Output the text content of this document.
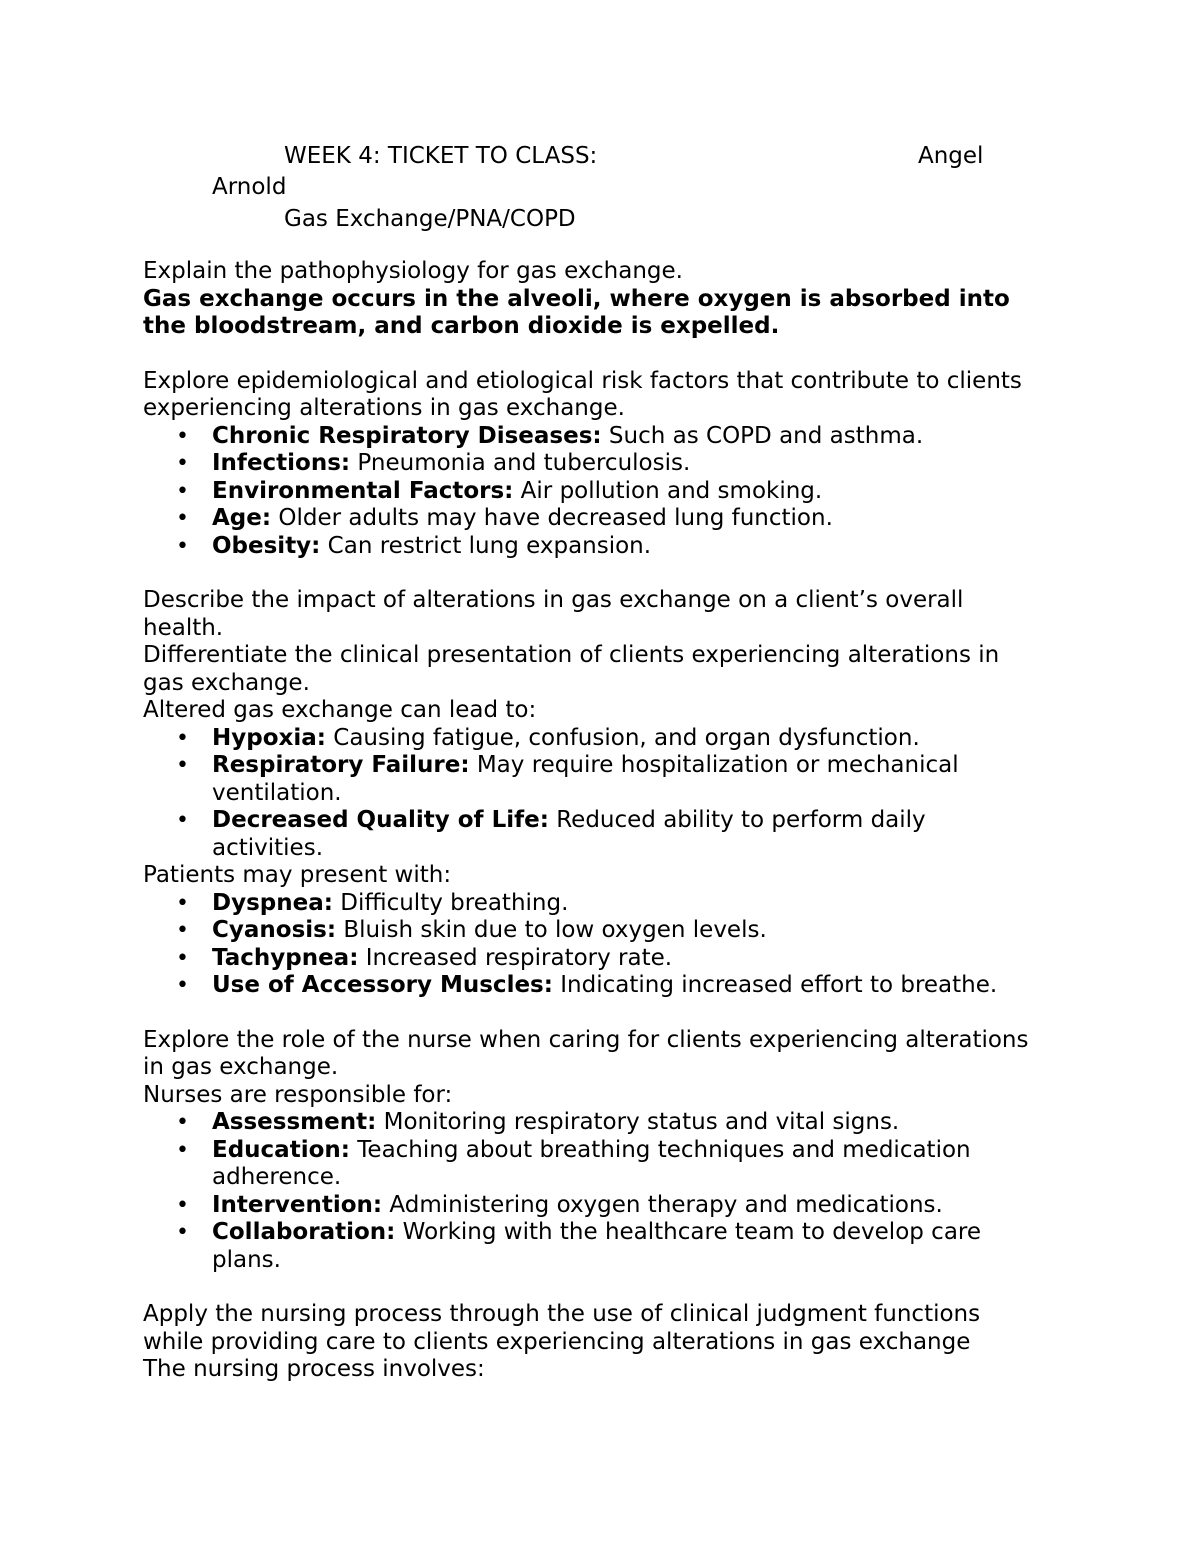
WEEK 4: TICKET TO CLASS:	Angel
Arnold
Gas Exchange/PNA/COPD
Explain the pathophysiology for gas exchange.
Gas exchange occurs in the alveoli, where oxygen is absorbed into
the bloodstream, and carbon dioxide is expelled.
Explore epidemiological and etiological risk factors that contribute to clients
experiencing alterations in gas exchange.
• Chronic Respiratory Diseases: Such as COPD and asthma.
• Infections: Pneumonia and tuberculosis.
• Environmental Factors: Air pollution and smoking.
• Age: Older adults may have decreased lung function.
• Obesity: Can restrict lung expansion.
Describe the impact of alterations in gas exchange on a client’s overall
health.
Differentiate the clinical presentation of clients experiencing alterations in
gas exchange.
Altered gas exchange can lead to:
• Hypoxia: Causing fatigue, confusion, and organ dysfunction.
• Respiratory Failure: May require hospitalization or mechanical
ventilation.
• Decreased Quality of Life: Reduced ability to perform daily
activities.
Patients may present with:
• Dyspnea: Difficulty breathing.
• Cyanosis: Bluish skin due to low oxygen levels.
• Tachypnea: Increased respiratory rate.
• Use of Accessory Muscles: Indicating increased effort to breathe.
Explore the role of the nurse when caring for clients experiencing alterations
in gas exchange.
Nurses are responsible for:
• Assessment: Monitoring respiratory status and vital signs.
• Education: Teaching about breathing techniques and medication
adherence.
• Intervention: Administering oxygen therapy and medications.
• Collaboration: Working with the healthcare team to develop care
plans.
Apply the nursing process through the use of clinical judgment functions
while providing care to clients experiencing alterations in gas exchange
The nursing process involves:
